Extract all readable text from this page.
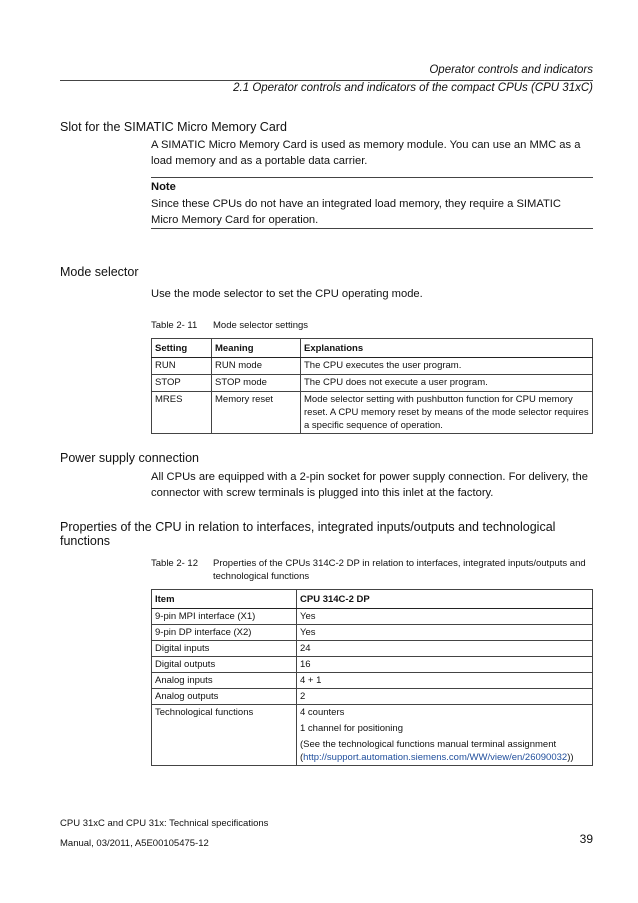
Operator controls and indicators
2.1 Operator controls and indicators of the compact CPUs (CPU 31xC)
Slot for the SIMATIC Micro Memory Card

A SIMATIC Micro Memory Card is used as memory module. You can use an MMC as a load memory and as a portable data carrier.

Note

Since these CPUs do not have an integrated load memory, they require a SIMATIC Micro Memory Card for operation.

Mode selector

Use the mode selector to set the CPU operating mode.

Table 2- 11 Mode selector settings
Setting	Meaning	Explanations
RUN	RUN mode	The CPU executes the user program.
STOP	STOP mode	The CPU does not execute a user program.
MRES	Memory reset	Mode selector setting with pushbutton function for CPU memory reset. A CPU memory reset by means of the mode selector requires a specific sequence of operation.
Power supply connection

All CPUs are equipped with a 2-pin socket for power supply connection. For delivery, the connector with screw terminals is plugged into this inlet at the factory.

Properties of the CPU in relation to interfaces, integrated inputs/outputs and technological functions
Table 2- 12 Properties of the CPUs 314C-2 DP in relation to interfaces, integrated inputs/outputs and technological functions
Item	CPU 314C-2 DP
9-pin MPI interface (X1)	Yes
9-pin DP interface (X2)	Yes
Digital inputs	24
Digital outputs	16
Analog inputs	4 + 1
Analog outputs	2
Technological functions	4 counters
1 channel for positioning
(See the technological functions manual terminal assignment (http://support.automation.siemens.com/WW/view/en/26090032))
CPU 31xC and CPU 31x: Technical specifications
Manual, 03/2011, A5E00105475-12	39
